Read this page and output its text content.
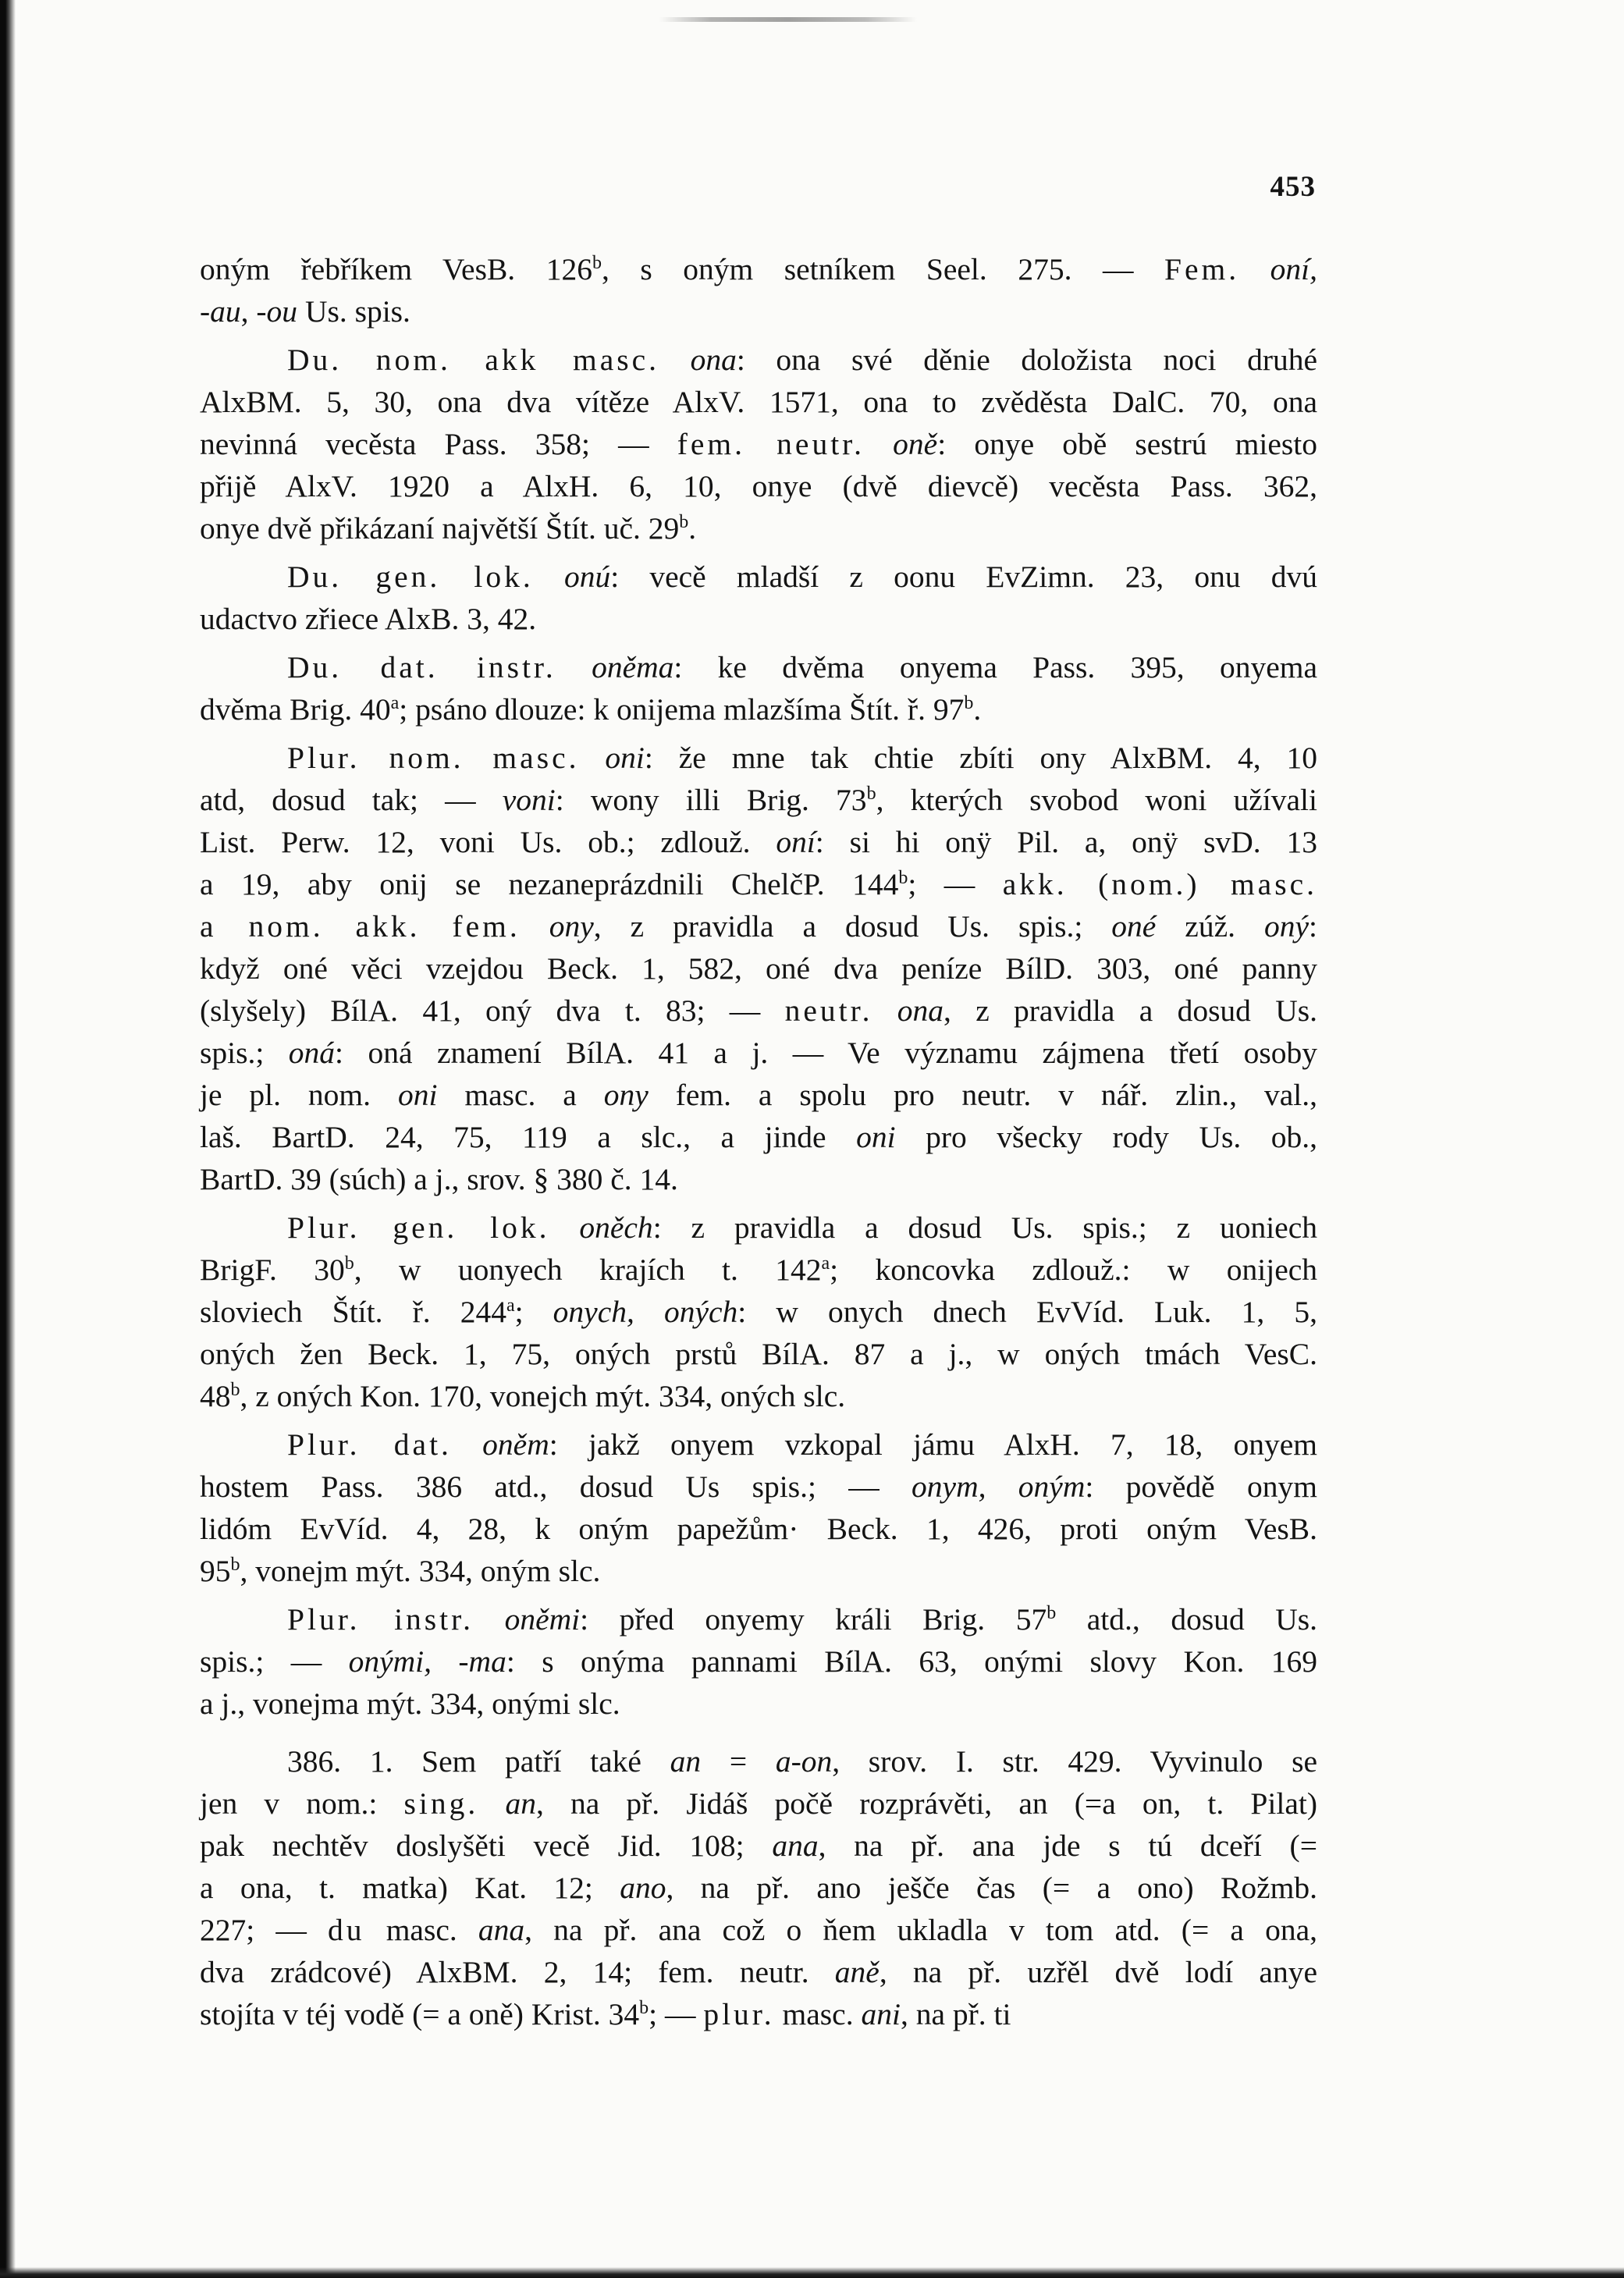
453
oným řebříkem VesB. 126$^b$, s oným setníkem Seel. 275. — Fem. oní,
-au, -ou Us. spis.
Du. nom. akk masc. ona: ona své děnie doložista noci druhé
AlxBM. 5, 30, ona dva vítěze AlxV. 1571, ona to zvěděsta DalC. 70, ona
nevinná vecěsta Pass. 358; — fem. neutr. oně: onye obě sestrú miesto
přijě AlxV. 1920 a AlxH. 6, 10, onye (dvě dievcě) vecěsta Pass. 362,
onye dvě přikázaní najvětší Štít. uč. 29$^b$.
Du. gen. lok. onú: vecě mladší z oonu EvZimn. 23, onu dvú
udactvo zřiece AlxB. 3, 42.
Du. dat. instr. oněma: ke dvěma onyema Pass. 395, onyema
dvěma Brig. 40$^a$; psáno dlouze: k onijema mlazšíma Štít. ř. 97$^b$.
Plur. nom. masc. oni: že mne tak chtie zbíti ony AlxBM. 4, 10
atd, dosud tak; — voni: wony illi Brig. 73$^b$, kterých svobod woni užívali
List. Perw. 12, voni Us. ob.; zdlouž. oní: si hi onÿ Pil. a, onÿ svD. 13
a 19, aby onij se nezaneprázdnili ChelčP. 144$^b$; — akk. (nom.) masc.
a nom. akk. fem. ony, z pravidla a dosud Us. spis.; oné zúž. oný:
když oné věci vzejdou Beck. 1, 582, oné dva peníze BílD. 303, oné panny
(slyšely) BílA. 41, oný dva t. 83; — neutr. ona, z pravidla a dosud Us.
spis.; oná: oná znamení BílA. 41 a j. — Ve významu zájmena třetí osoby
je pl. nom. oni masc. a ony fem. a spolu pro neutr. v nář. zlin., val.,
laš. BartD. 24, 75, 119 a slc., a jinde oni pro všecky rody Us. ob.,
BartD. 39 (súch) a j., srov. § 380 č. 14.
Plur. gen. lok. oněch: z pravidla a dosud Us. spis.; z uoniech
BrigF. 30$^b$, w uonyech krajích t. 142$^a$; koncovka zdlouž.: w onijech
sloviech Štít. ř. 244$^a$; onych, oných: w onych dnech EvVíd. Luk. 1, 5,
oných žen Beck. 1, 75, oných prstů BílA. 87 a j., w oných tmách VesC.
48$^b$, z oných Kon. 170, vonejch mýt. 334, oných slc.
Plur. dat. oněm: jakž onyem vzkopal jámu AlxH. 7, 18, onyem
hostem Pass. 386 atd., dosud Us spis.; — onym, oným: povědě onym
lidóm EvVíd. 4, 28, k oným papežům· Beck. 1, 426, proti oným VesB.
95$^b$, vonejm mýt. 334, oným slc.
Plur. instr. oněmi: před onyemy králi Brig. 57$^b$ atd., dosud Us.
spis.; — onými, -ma: s onýma pannami BílA. 63, onými slovy Kon. 169
a j., vonejma mýt. 334, onými slc.
386. 1. Sem patří také an = a-on, srov. I. str. 429. Vyvinulo se
jen v nom.: sing. an, na př. Jidáš počě rozprávěti, an (=a on, t. Pilat)
pak nechtěv doslyšěti vecě Jid. 108; ana, na př. ana jde s tú dceří (=
a ona, t. matka) Kat. 12; ano, na př. ano ješče čas (= a ono) Rožmb.
227; — du masc. ana, na př. ana což o ňem ukladla v tom atd. (= a ona,
dva zrádcové) AlxBM. 2, 14; fem. neutr. aně, na př. uzřěl dvě lodí anye
stojíta v téj vodě (= a oně) Krist. 34$^b$; — plur. masc. ani, na př. ti
